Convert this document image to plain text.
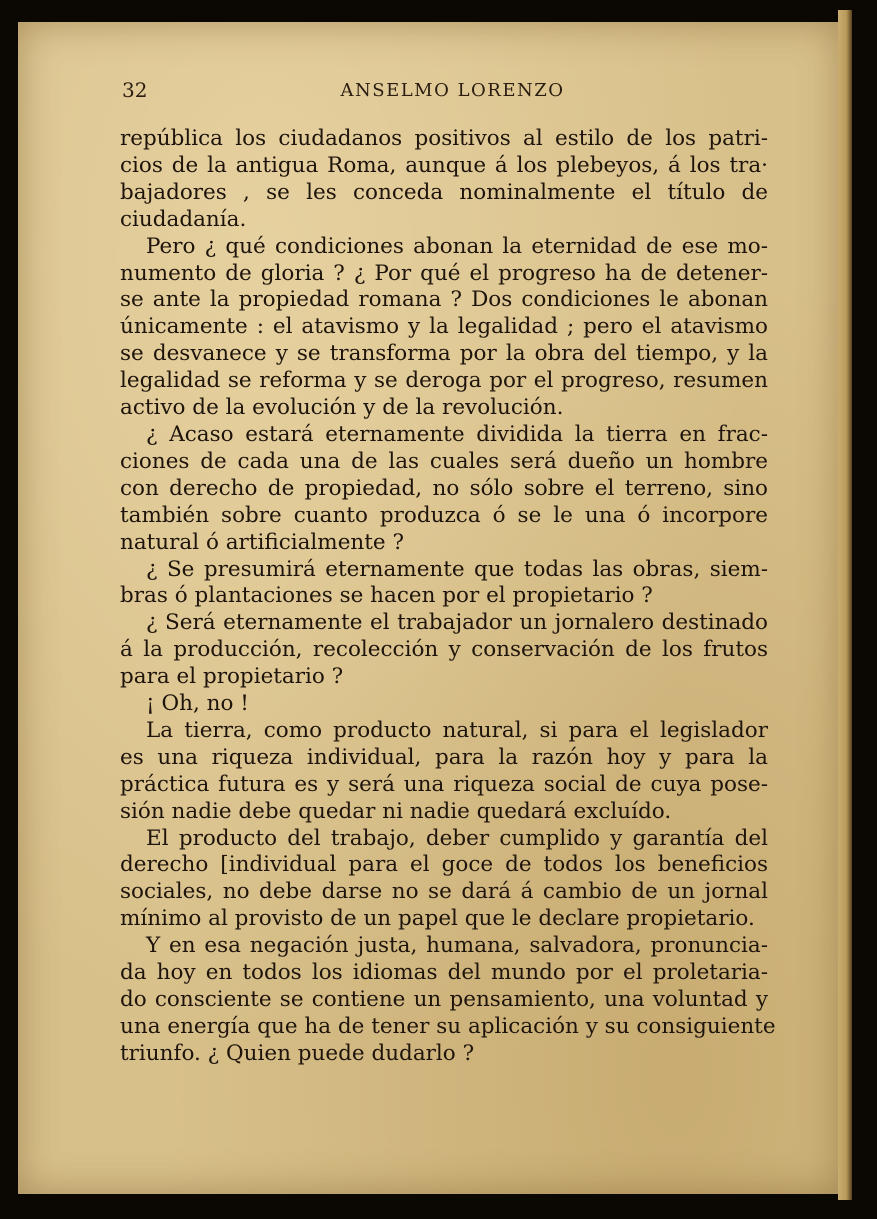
32	ANSELMO LORENZO
república los ciudadanos positivos al estilo de los patri-
cios de la antigua Roma, aunque á los plebeyos, á los tra·
bajadores , se les conceda nominalmente el título de
ciudadanía.
Pero ¿ qué condiciones abonan la eternidad de ese mo-
numento de gloria ? ¿ Por qué el progreso ha de detener-
se ante la propiedad romana ? Dos condiciones le abonan
únicamente : el atavismo y la legalidad ; pero el atavismo
se desvanece y se transforma por la obra del tiempo, y la
legalidad se reforma y se deroga por el progreso, resumen
activo de la evolución y de la revolución.
¿ Acaso estará eternamente dividida la tierra en frac-
ciones de cada una de las cuales será dueño un hombre
con derecho de propiedad, no sólo sobre el terreno, sino
también sobre cuanto produzca ó se le una ó incorpore
natural ó artificialmente ?
¿ Se presumirá eternamente que todas las obras, siem-
bras ó plantaciones se hacen por el propietario ?
¿ Será eternamente el trabajador un jornalero destinado
á la producción, recolección y conservación de los frutos
para el propietario ?
¡ Oh, no !
La tierra, como producto natural, si para el legislador
es una riqueza individual, para la razón hoy y para la
práctica futura es y será una riqueza social de cuya pose-
sión nadie debe quedar ni nadie quedará excluído.
El producto del trabajo, deber cumplido y garantía del
derecho [individual para el goce de todos los beneficios
sociales, no debe darse no se dará á cambio de un jornal
mínimo al provisto de un papel que le declare propietario.
Y en esa negación justa, humana, salvadora, pronuncia-
da hoy en todos los idiomas del mundo por el proletaria-
do consciente se contiene un pensamiento, una voluntad y
una energía que ha de tener su aplicación y su consiguiente
triunfo. ¿ Quien puede dudarlo ?
